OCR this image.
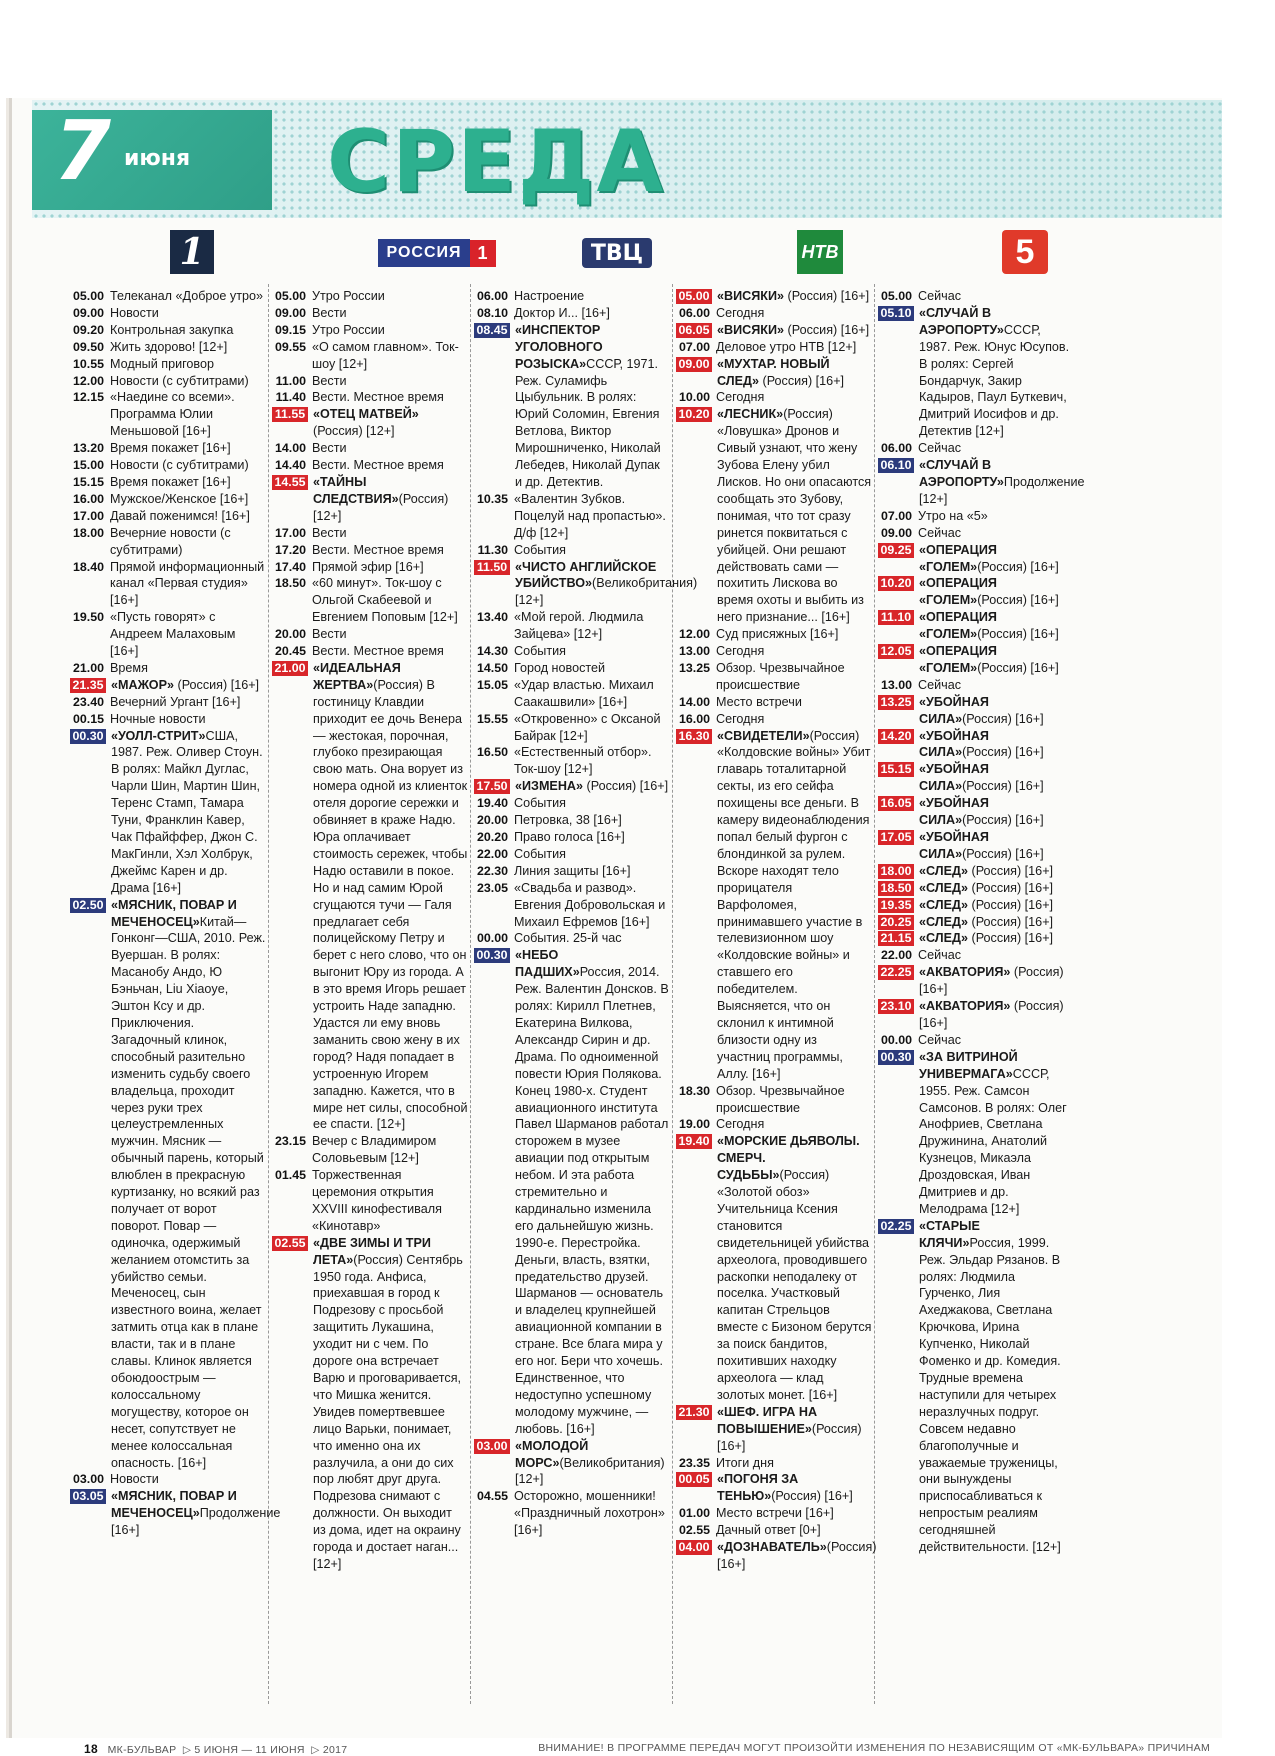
7 июня СРЕДА
1	РОССИЯ 1	ТВЦ	НТВ	5
05.00 Телеканал «Доброе утро»
09.00 Новости
09.20 Контрольная закупка
09.50 Жить здорово! [12+]
10.55 Модный приговор
12.00 Новости (с субтитрами)
12.15 «Наедине со всеми». Программа Юлии Меньшовой [16+]
13.20 Время покажет [16+]
15.00 Новости (с субтитрами)
15.15 Время покажет [16+]
16.00 Мужское/Женское [16+]
17.00 Давай поженимся! [16+]
18.00 Вечерние новости (с субтитрами)
18.40 Прямой информационный канал «Первая студия» [16+]
19.50 «Пусть говорят» с Андреем Малаховым [16+]
21.00 Время
21.35 «МАЖОР» (Россия) [16+]
23.40 Вечерний Ургант [16+]
00.15 Ночные новости
00.30 «УОЛЛ-СТРИТ»США, 1987. Реж. Оливер Стоун. В ролях: Майкл Дуглас, Чарли Шин, Мартин Шин, Теренс Стамп, Тамара Туни, Франклин Кавер, Чак Пфайффер, Джон С. МакГинли, Хэл Холбрук, Джеймс Карен и др. Драма [16+]
02.50 «МЯСНИК, ПОВАР И МЕЧЕНОСЕЦ»Китай—Гонконг—США, 2010. Реж. Вуершан. В ролях: Масанобу Андо, Ю Бэньчан, Liu Xiaoye, Эштон Ксу и др. Приключения. Загадочный клинок, способный разительно изменить судьбу своего владельца, проходит через руки трех целеустремленных мужчин. Мясник — обычный парень, который влюблен в прекрасную куртизанку, но всякий раз получает от ворот поворот. Повар — одиночка, одержимый желанием отомстить за убийство семьи. Меченосец, сын известного воина, желает затмить отца как в плане власти, так и в плане славы. Клинок является обоюдоострым — колоссальному могуществу, которое он несет, сопутствует не менее колоссальная опасность. [16+]
03.00 Новости
03.05 «МЯСНИК, ПОВАР И МЕЧЕНОСЕЦ»Продолжение [16+]
05.00 Утро России
09.00 Вести
09.15 Утро России
09.55 «О самом главном». Ток-шоу [12+]
11.00 Вести
11.40 Вести. Местное время
11.55 «ОТЕЦ МАТВЕЙ» (Россия) [12+]
14.00 Вести
14.40 Вести. Местное время
14.55 «ТАЙНЫ СЛЕДСТВИЯ»(Россия) [12+]
17.00 Вести
17.20 Вести. Местное время
17.40 Прямой эфир [16+]
18.50 «60 минут». Ток-шоу с Ольгой Скабеевой и Евгением Поповым [12+]
20.00 Вести
20.45 Вести. Местное время
21.00 «ИДЕАЛЬНАЯ ЖЕРТВА»(Россия) В гостиницу Клавдии приходит ее дочь Венера — жестокая, порочная, глубоко презирающая свою мать. Она ворует из номера одной из клиенток отеля дорогие сережки и обвиняет в краже Надю. Юра оплачивает стоимость сережек, чтобы Надю оставили в покое. Но и над самим Юрой сгущаются тучи — Галя предлагает себя полицейскому Петру и берет с него слово, что он выгонит Юру из города. А в это время Игорь решает устроить Наде западню. Удастся ли ему вновь заманить свою жену в их город? Надя попадает в устроенную Игорем западню. Кажется, что в мире нет силы, способной ее спасти. [12+]
23.15 Вечер с Владимиром Соловьевым [12+]
01.45 Торжественная церемония открытия XXVIII кинофестиваля «Кинотавр»
02.55 «ДВЕ ЗИМЫ И ТРИ ЛЕТА»(Россия) Сентябрь 1950 года. Анфиса, приехавшая в город к Подрезову с просьбой защитить Лукашина, уходит ни с чем. По дороге она встречает Варю и проговаривается, что Мишка женится. Увидев помертвевшее лицо Варьки, понимает, что именно она их разлучила, а они до сих пор любят друг друга. Подрезова снимают с должности. Он выходит из дома, идет на окраину города и достает наган... [12+]
06.00 Настроение
08.10 Доктор И... [16+]
08.45 «ИНСПЕКТОР УГОЛОВНОГО РОЗЫСКА»СССР, 1971. Реж. Суламифь Цыбульник. В ролях: Юрий Соломин, Евгения Ветлова, Виктор Мирошниченко, Николай Лебедев, Николай Дупак и др. Детектив.
10.35 «Валентин Зубков. Поцелуй над пропастью». Д/ф [12+]
11.30 События
11.50 «ЧИСТО АНГЛИЙСКОЕ УБИЙСТВО»(Великобритания) [12+]
13.40 «Мой герой. Людмила Зайцева» [12+]
14.30 События
14.50 Город новостей
15.05 «Удар властью. Михаил Саакашвили» [16+]
15.55 «Откровенно» с Оксаной Байрак [12+]
16.50 «Естественный отбор». Ток-шоу [12+]
17.50 «ИЗМЕНА» (Россия) [16+]
19.40 События
20.00 Петровка, 38 [16+]
20.20 Право голоса [16+]
22.00 События
22.30 Линия защиты [16+]
23.05 «Свадьба и развод». Евгения Добровольская и Михаил Ефремов [16+]
00.00 События. 25-й час
00.30 «НЕБО ПАДШИХ»Россия, 2014. Реж. Валентин Донсков. В ролях: Кирилл Плетнев, Екатерина Вилкова, Александр Сирин и др. Драма. По одноименной повести Юрия Полякова. Конец 1980-х. Студент авиационного института Павел Шарманов работал сторожем в музее авиации под открытым небом. И эта работа стремительно и кардинально изменила его дальнейшую жизнь. 1990-е. Перестройка. Деньги, власть, взятки, предательство друзей. Шарманов — основатель и владелец крупнейшей авиационной компании в стране. Все блага мира у его ног. Бери что хочешь. Единственное, что недоступно успешному молодому мужчине, — любовь. [16+]
03.00 «МОЛОДОЙ МОРС»(Великобритания) [12+]
04.55 Осторожно, мошенники! «Праздничный лохотрон» [16+]
05.00 «ВИСЯКИ» (Россия) [16+]
06.00 Сегодня
06.05 «ВИСЯКИ» (Россия) [16+]
07.00 Деловое утро НТВ [12+]
09.00 «МУХТАР. НОВЫЙ СЛЕД» (Россия) [16+]
10.00 Сегодня
10.20 «ЛЕСНИК»(Россия) «Ловушка» Дронов и Сивый узнают, что жену Зубова Елену убил Лисков. Но они опасаются сообщать это Зубову, понимая, что тот сразу ринется поквитаться с убийцей. Они решают действовать сами — похитить Лискова во время охоты и выбить из него признание... [16+]
12.00 Суд присяжных [16+]
13.00 Сегодня
13.25 Обзор. Чрезвычайное происшествие
14.00 Место встречи
16.00 Сегодня
16.30 «СВИДЕТЕЛИ»(Россия) «Колдовские войны» Убит главарь тоталитарной секты, из его сейфа похищены все деньги. В камеру видеонаблюдения попал белый фургон с блондинкой за рулем. Вскоре находят тело прорицателя Варфоломея, принимавшего участие в телевизионном шоу «Колдовские войны» и ставшего его победителем. Выясняется, что он склонил к интимной близости одну из участниц программы, Аллу. [16+]
18.30 Обзор. Чрезвычайное происшествие
19.00 Сегодня
19.40 «МОРСКИЕ ДЬЯВОЛЫ. СМЕРЧ. СУДЬБЫ»(Россия) «Золотой обоз» Учительница Ксения становится свидетельницей убийства археолога, проводившего раскопки неподалеку от поселка. Участковый капитан Стрельцов вместе с Бизоном берутся за поиск бандитов, похитивших находку археолога — клад золотых монет. [16+]
21.30 «ШЕФ. ИГРА НА ПОВЫШЕНИЕ»(Россия) [16+]
23.35 Итоги дня
00.05 «ПОГОНЯ ЗА ТЕНЬЮ»(Россия) [16+]
01.00 Место встречи [16+]
02.55 Дачный ответ [0+]
04.00 «ДОЗНАВАТЕЛЬ»(Россия) [16+]
05.00 Сейчас
05.10 «СЛУЧАЙ В АЭРОПОРТУ»СССР, 1987. Реж. Юнус Юсупов. В ролях: Сергей Бондарчук, Закир Кадыров, Паул Буткевич, Дмитрий Иосифов и др. Детектив [12+]
06.00 Сейчас
06.10 «СЛУЧАЙ В АЭРОПОРТУ»Продолжение [12+]
07.00 Утро на «5»
09.00 Сейчас
09.25 «ОПЕРАЦИЯ «ГОЛЕМ»(Россия) [16+]
10.20 «ОПЕРАЦИЯ «ГОЛЕМ»(Россия) [16+]
11.10 «ОПЕРАЦИЯ «ГОЛЕМ»(Россия) [16+]
12.05 «ОПЕРАЦИЯ «ГОЛЕМ»(Россия) [16+]
13.00 Сейчас
13.25 «УБОЙНАЯ СИЛА»(Россия) [16+]
14.20 «УБОЙНАЯ СИЛА»(Россия) [16+]
15.15 «УБОЙНАЯ СИЛА»(Россия) [16+]
16.05 «УБОЙНАЯ СИЛА»(Россия) [16+]
17.05 «УБОЙНАЯ СИЛА»(Россия) [16+]
18.00 «СЛЕД» (Россия) [16+]
18.50 «СЛЕД» (Россия) [16+]
19.35 «СЛЕД» (Россия) [16+]
20.25 «СЛЕД» (Россия) [16+]
21.15 «СЛЕД» (Россия) [16+]
22.00 Сейчас
22.25 «АКВАТОРИЯ» (Россия) [16+]
23.10 «АКВАТОРИЯ» (Россия) [16+]
00.00 Сейчас
00.30 «ЗА ВИТРИНОЙ УНИВЕРМАГА»СССР, 1955. Реж. Самсон Самсонов. В ролях: Олег Анофриев, Светлана Дружинина, Анатолий Кузнецов, Микаэла Дроздовская, Иван Дмитриев и др. Мелодрама [12+]
02.25 «СТАРЫЕ КЛЯЧИ»Россия, 1999. Реж. Эльдар Рязанов. В ролях: Людмила Гурченко, Лия Ахеджакова, Светлана Крючкова, Ирина Купченко, Николай Фоменко и др. Комедия. Трудные времена наступили для четырех неразлучных подруг. Совсем недавно благополучные и уважаемые труженицы, они вынуждены приспосабливаться к непростым реалиям сегодняшней действительности. [12+]
18 МК-БУЛЬВАР  ▷ 5 ИЮНЯ — 11 ИЮНЯ  ▷ 2017	ВНИМАНИЕ! В ПРОГРАММЕ ПЕРЕДАЧ МОГУТ ПРОИЗОЙТИ ИЗМЕНЕНИЯ ПО НЕЗАВИСЯЩИМ ОТ «МК-БУЛЬВАРА» ПРИЧИНАМ
